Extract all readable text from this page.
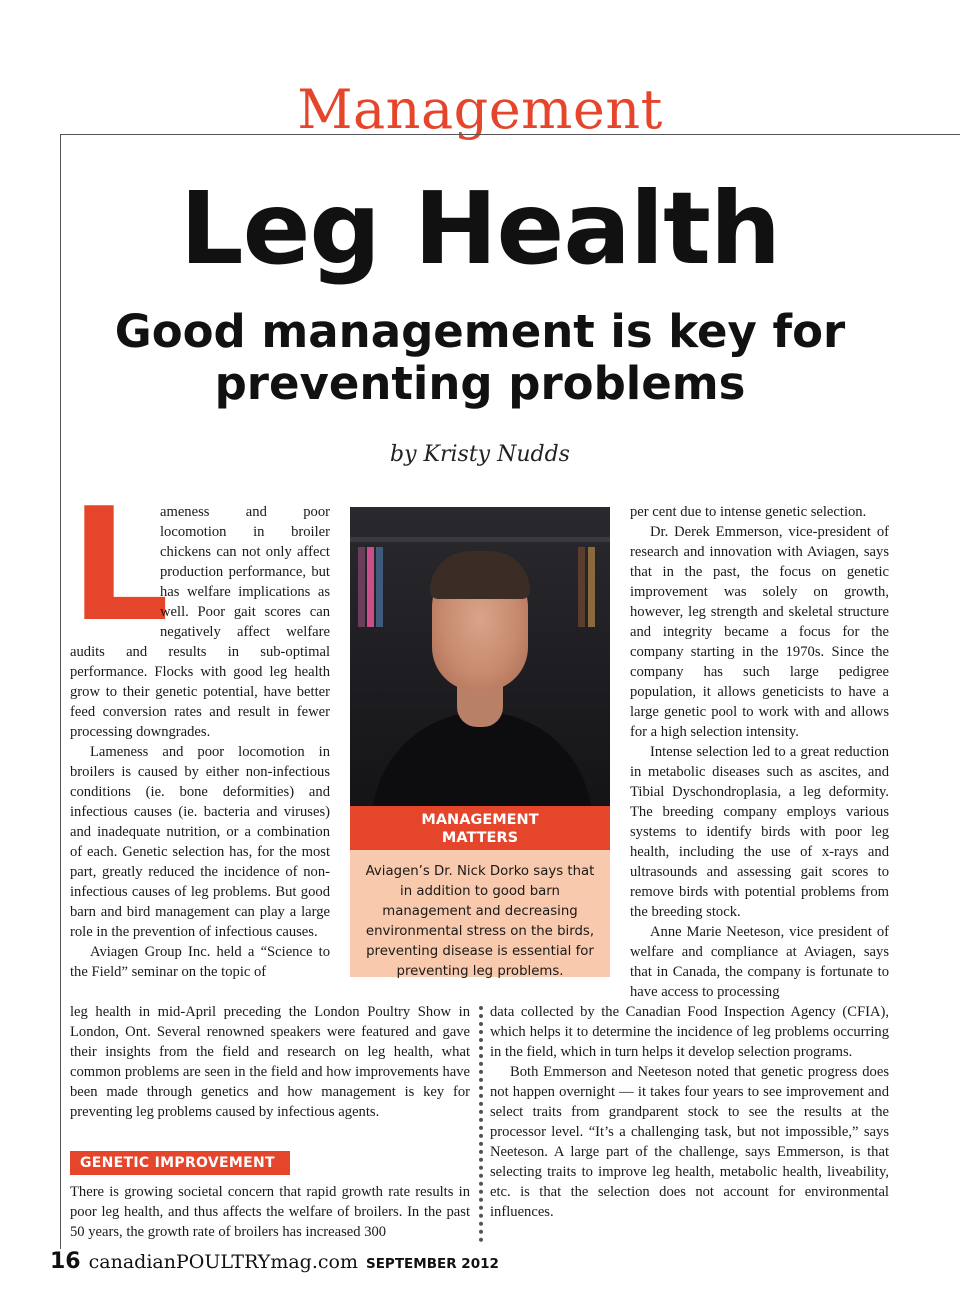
Management
Leg Health
Good management is key for preventing problems
by Kristy Nudds

L
ameness and poor locomotion in broiler chickens can not only affect production performance, but has welfare implications as well. Poor gait scores can negatively affect welfare audits and results in sub-optimal performance. Flocks with good leg health grow to their genetic potential, have better feed conversion rates and result in fewer processing downgrades.

Lameness and poor locomotion in broilers is caused by either non-infectious conditions (ie. bone deformities) and infectious causes (ie. bacteria and viruses) and inadequate nutrition, or a combination of each. Genetic selection has, for the most part, greatly reduced the incidence of non-infectious causes of leg problems. But good barn and bird management can play a large role in the prevention of infectious causes.

Aviagen Group Inc. held a “Science to the Field” seminar on the topic of

MANAGEMENT
MATTERS
Aviagen’s Dr. Nick Dorko says that in addition to good barn management and decreasing environmental stress on the birds, preventing disease is essential for preventing leg problems.

per cent due to intense genetic selection.

Dr. Derek Emmerson, vice-president of research and innovation with Aviagen, says that in the past, the focus on genetic improvement was solely on growth, however, leg strength and skeletal structure and integrity became a focus for the company starting in the 1970s. Since the company has such large pedigree population, it allows geneticists to have a large genetic pool to work with and allows for a high selection intensity.

Intense selection led to a great reduction in metabolic diseases such as ascites, and Tibial Dyschondroplasia, a leg deformity. The breeding company employs various systems to identify birds with poor leg health, including the use of x-rays and ultrasounds and assessing gait scores to remove birds with potential problems from the breeding stock.

Anne Marie Neeteson, vice president of welfare and compliance at Aviagen, says that in Canada, the company is fortunate to have access to processing

leg health in mid-April preceding the London Poultry Show in London, Ont. Several renowned speakers were featured and gave their insights from the field and research on leg health, what common problems are seen in the field and how improvements have been made through genetics and how management is key for preventing leg problems caused by infectious agents.

GENETIC IMPROVEMENT

There is growing societal concern that rapid growth rate results in poor leg health, and thus affects the welfare of broilers. In the past 50 years, the growth rate of broilers has increased 300

data collected by the Canadian Food Inspection Agency (CFIA), which helps it to determine the incidence of leg problems occurring in the field, which in turn helps it develop selection programs.

Both Emmerson and Neeteson noted that genetic progress does not happen overnight — it takes four years to see improvement and select traits from grandparent stock to see the results at the processor level. “It’s a challenging task, but not impossible,” says Neeteson. A large part of the challenge, says Emmerson, is that selecting traits to improve leg health, metabolic health, liveability, etc. is that the selection does not account for environmental influences.

16 canadianPOULTRYmag.com SEPTEMBER 2012
